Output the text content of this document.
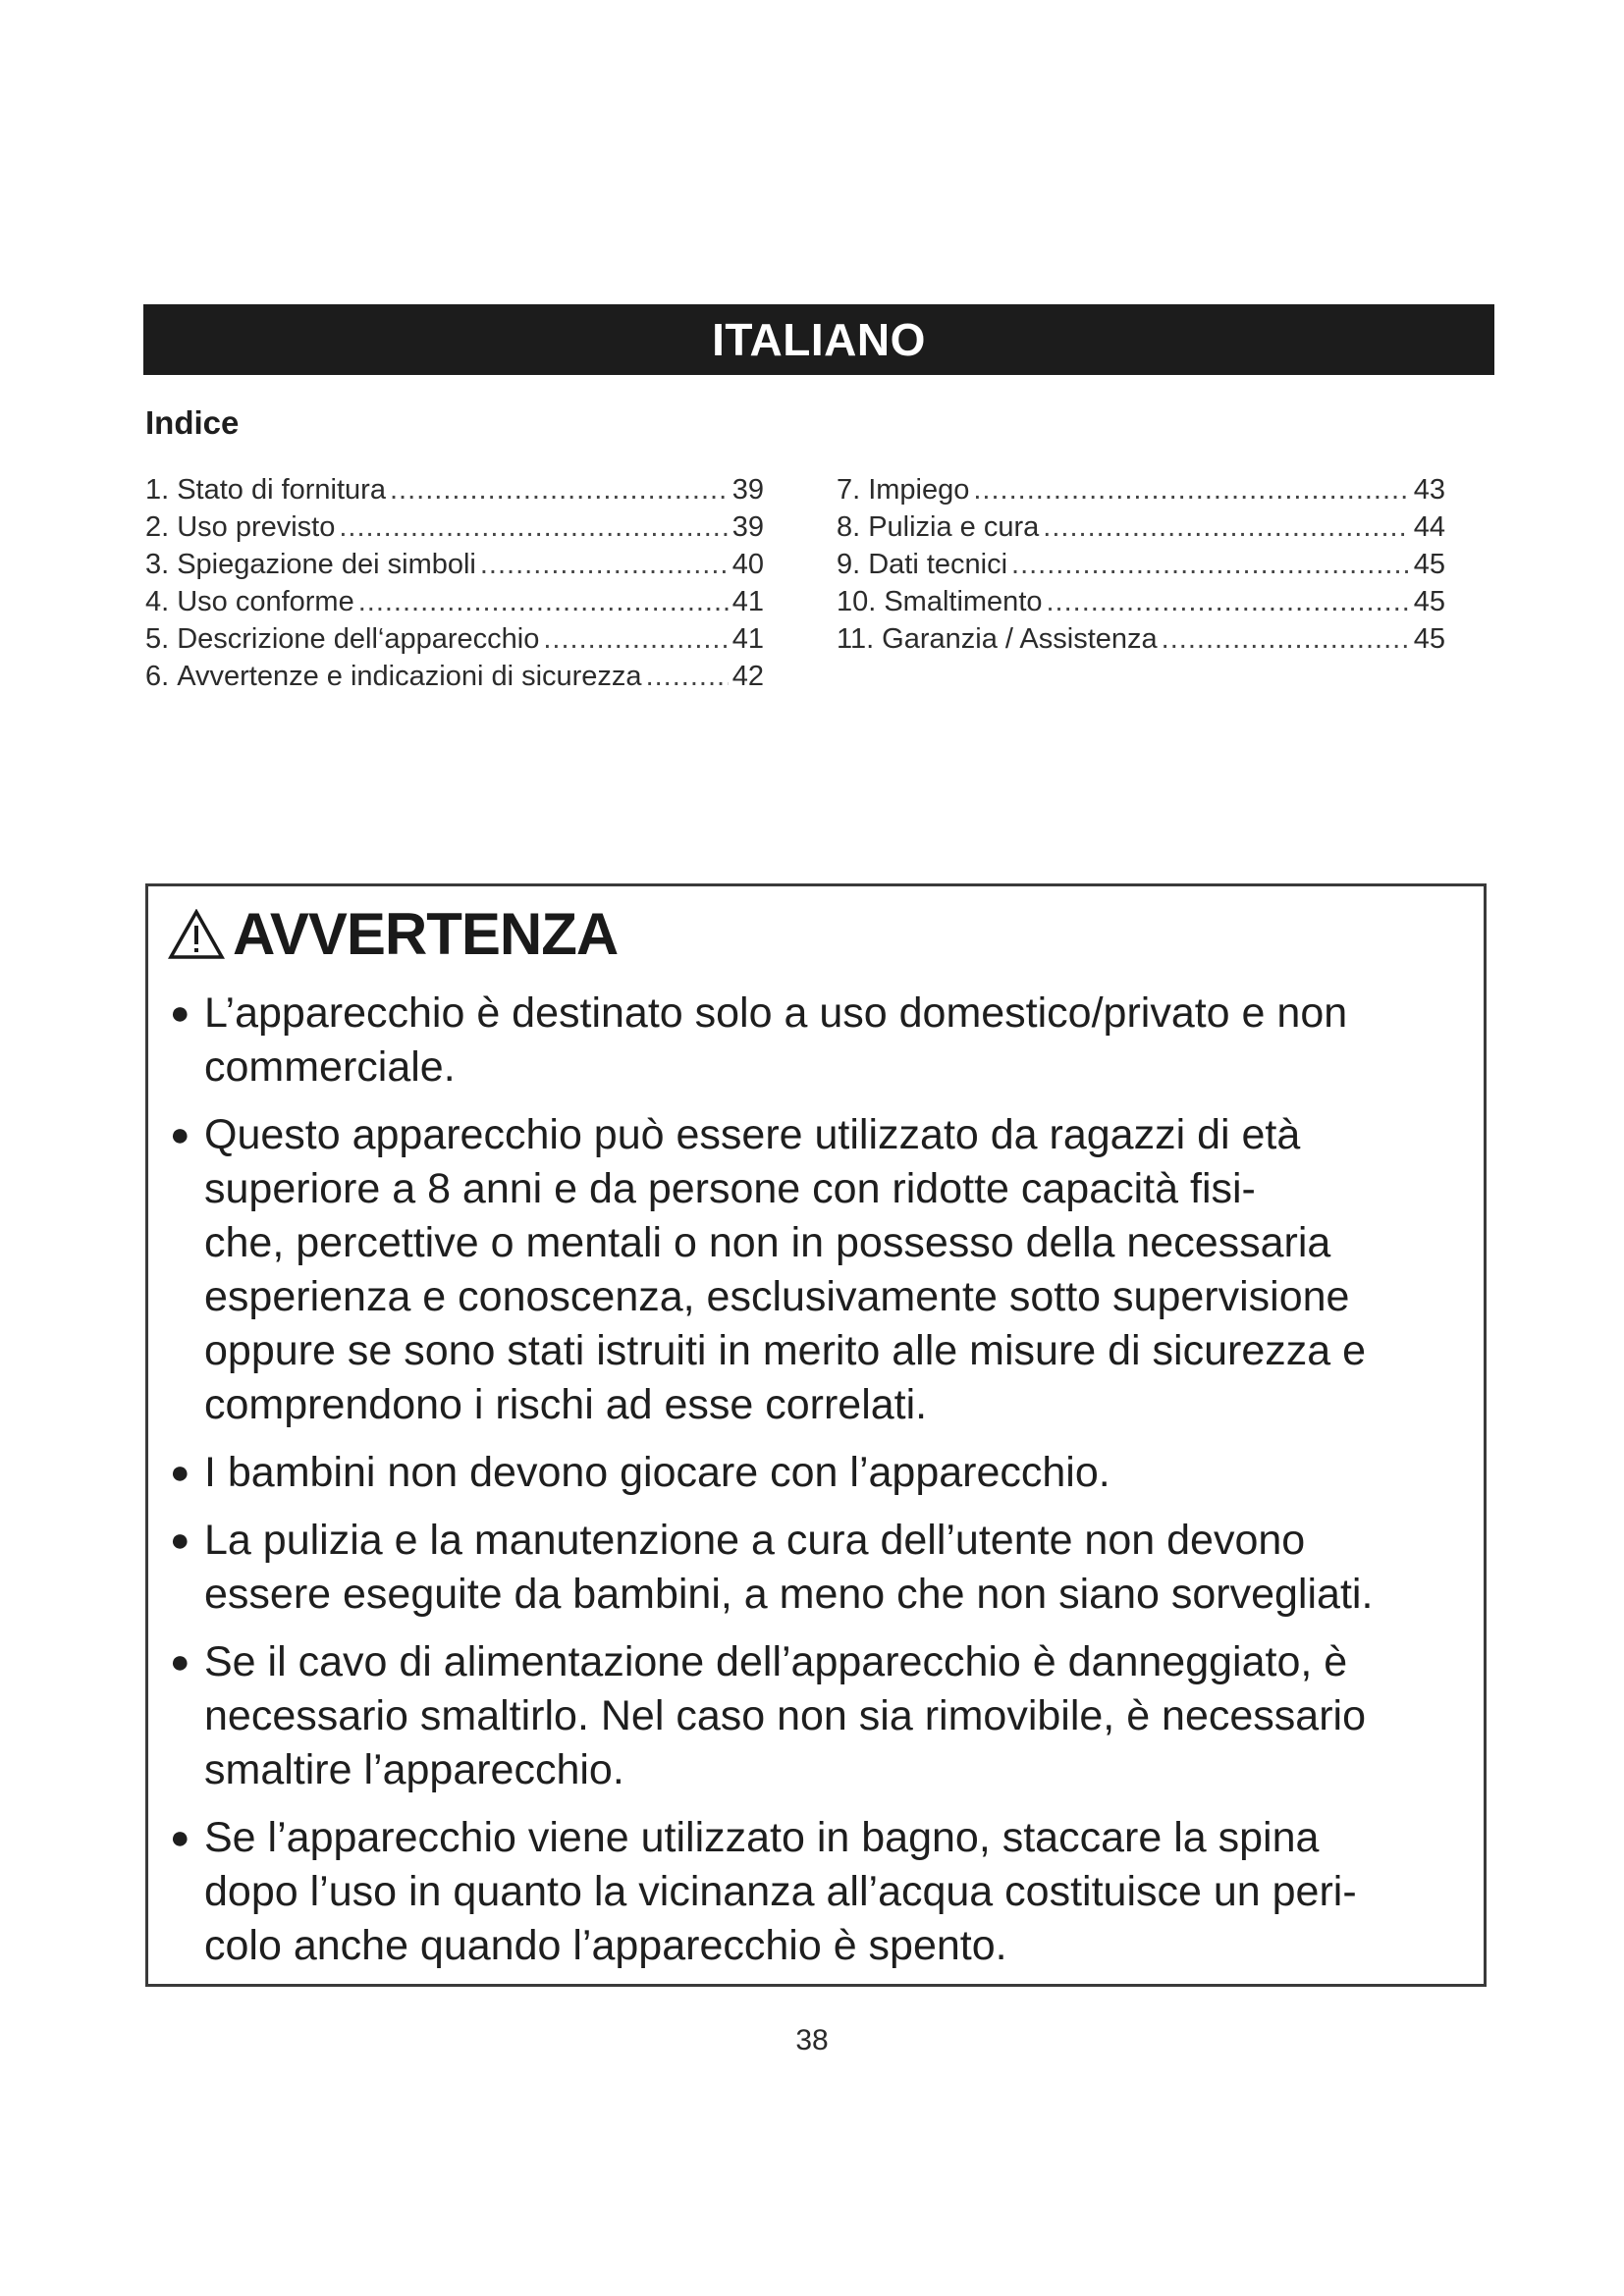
ITALIANO
Indice
1. Stato di fornitura .....	39
2. Uso previsto .....	39
3. Spiegazione dei simboli .....	40
4. Uso conforme .....	41
5. Descrizione dell‘apparecchio .....	41
6. Avvertenze e indicazioni di sicurezza .....	42
7. Impiego .....	43
8. Pulizia e cura .....	44
9. Dati tecnici .....	45
10. Smaltimento .....	45
11. Garanzia / Assistenza .....	45
AVVERTENZA
● L’apparecchio è destinato solo a uso domestico/privato e non
commerciale.
● Questo apparecchio può essere utilizzato da ragazzi di età
superiore a 8 anni e da persone con ridotte capacità fisi-
che, percettive o mentali o non in possesso della necessaria
esperienza e conoscenza, esclusivamente sotto supervisione
oppure se sono stati istruiti in merito alle misure di sicurezza e
comprendono i rischi ad esse correlati.
● I bambini non devono giocare con l’apparecchio.
● La pulizia e la manutenzione a cura dell’utente non devono
essere eseguite da bambini, a meno che non siano sorvegliati.
● Se il cavo di alimentazione dell’apparecchio è danneggiato, è
necessario smaltirlo. Nel caso non sia rimovibile, è necessario
smaltire l’apparecchio.
● Se l’apparecchio viene utilizzato in bagno, staccare la spina
dopo l’uso in quanto la vicinanza all’acqua costituisce un peri-
colo anche quando l’apparecchio è spento.
38
